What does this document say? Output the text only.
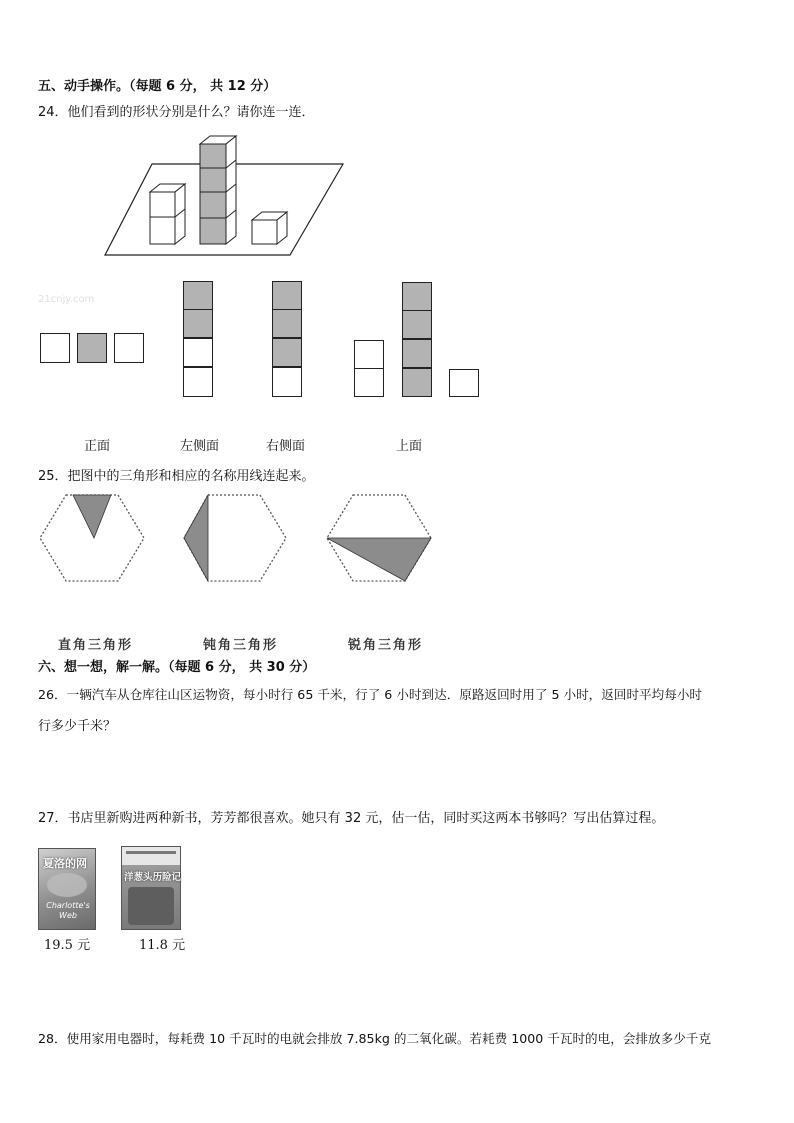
五、动手操作。（每题 6 分， 共 12 分）
24．他们看到的形状分别是什么？请你连一连．
21cnjy.com
正面	左侧面	右侧面	上面
25．把图中的三角形和相应的名称用线连起来。
直角三角形	钝角三角形	锐角三角形
六、想一想，解一解。（每题 6 分， 共 30 分）
26．一辆汽车从仓库往山区运物资，每小时行 65 千米，行了 6 小时到达．原路返回时用了 5 小时，返回时平均每小时
行多少千米？
27．书店里新购进两种新书，芳芳都很喜欢。她只有 32 元，估一估，同时买这两本书够吗？写出估算过程。
夏洛的网
Charlotte's Web
19.5 元
洋葱头历险记
11.8 元
28．使用家用电器时，每耗费 10 千瓦时的电就会排放 7.85kg 的二氧化碳。若耗费 1000 千瓦时的电，会排放多少千克
